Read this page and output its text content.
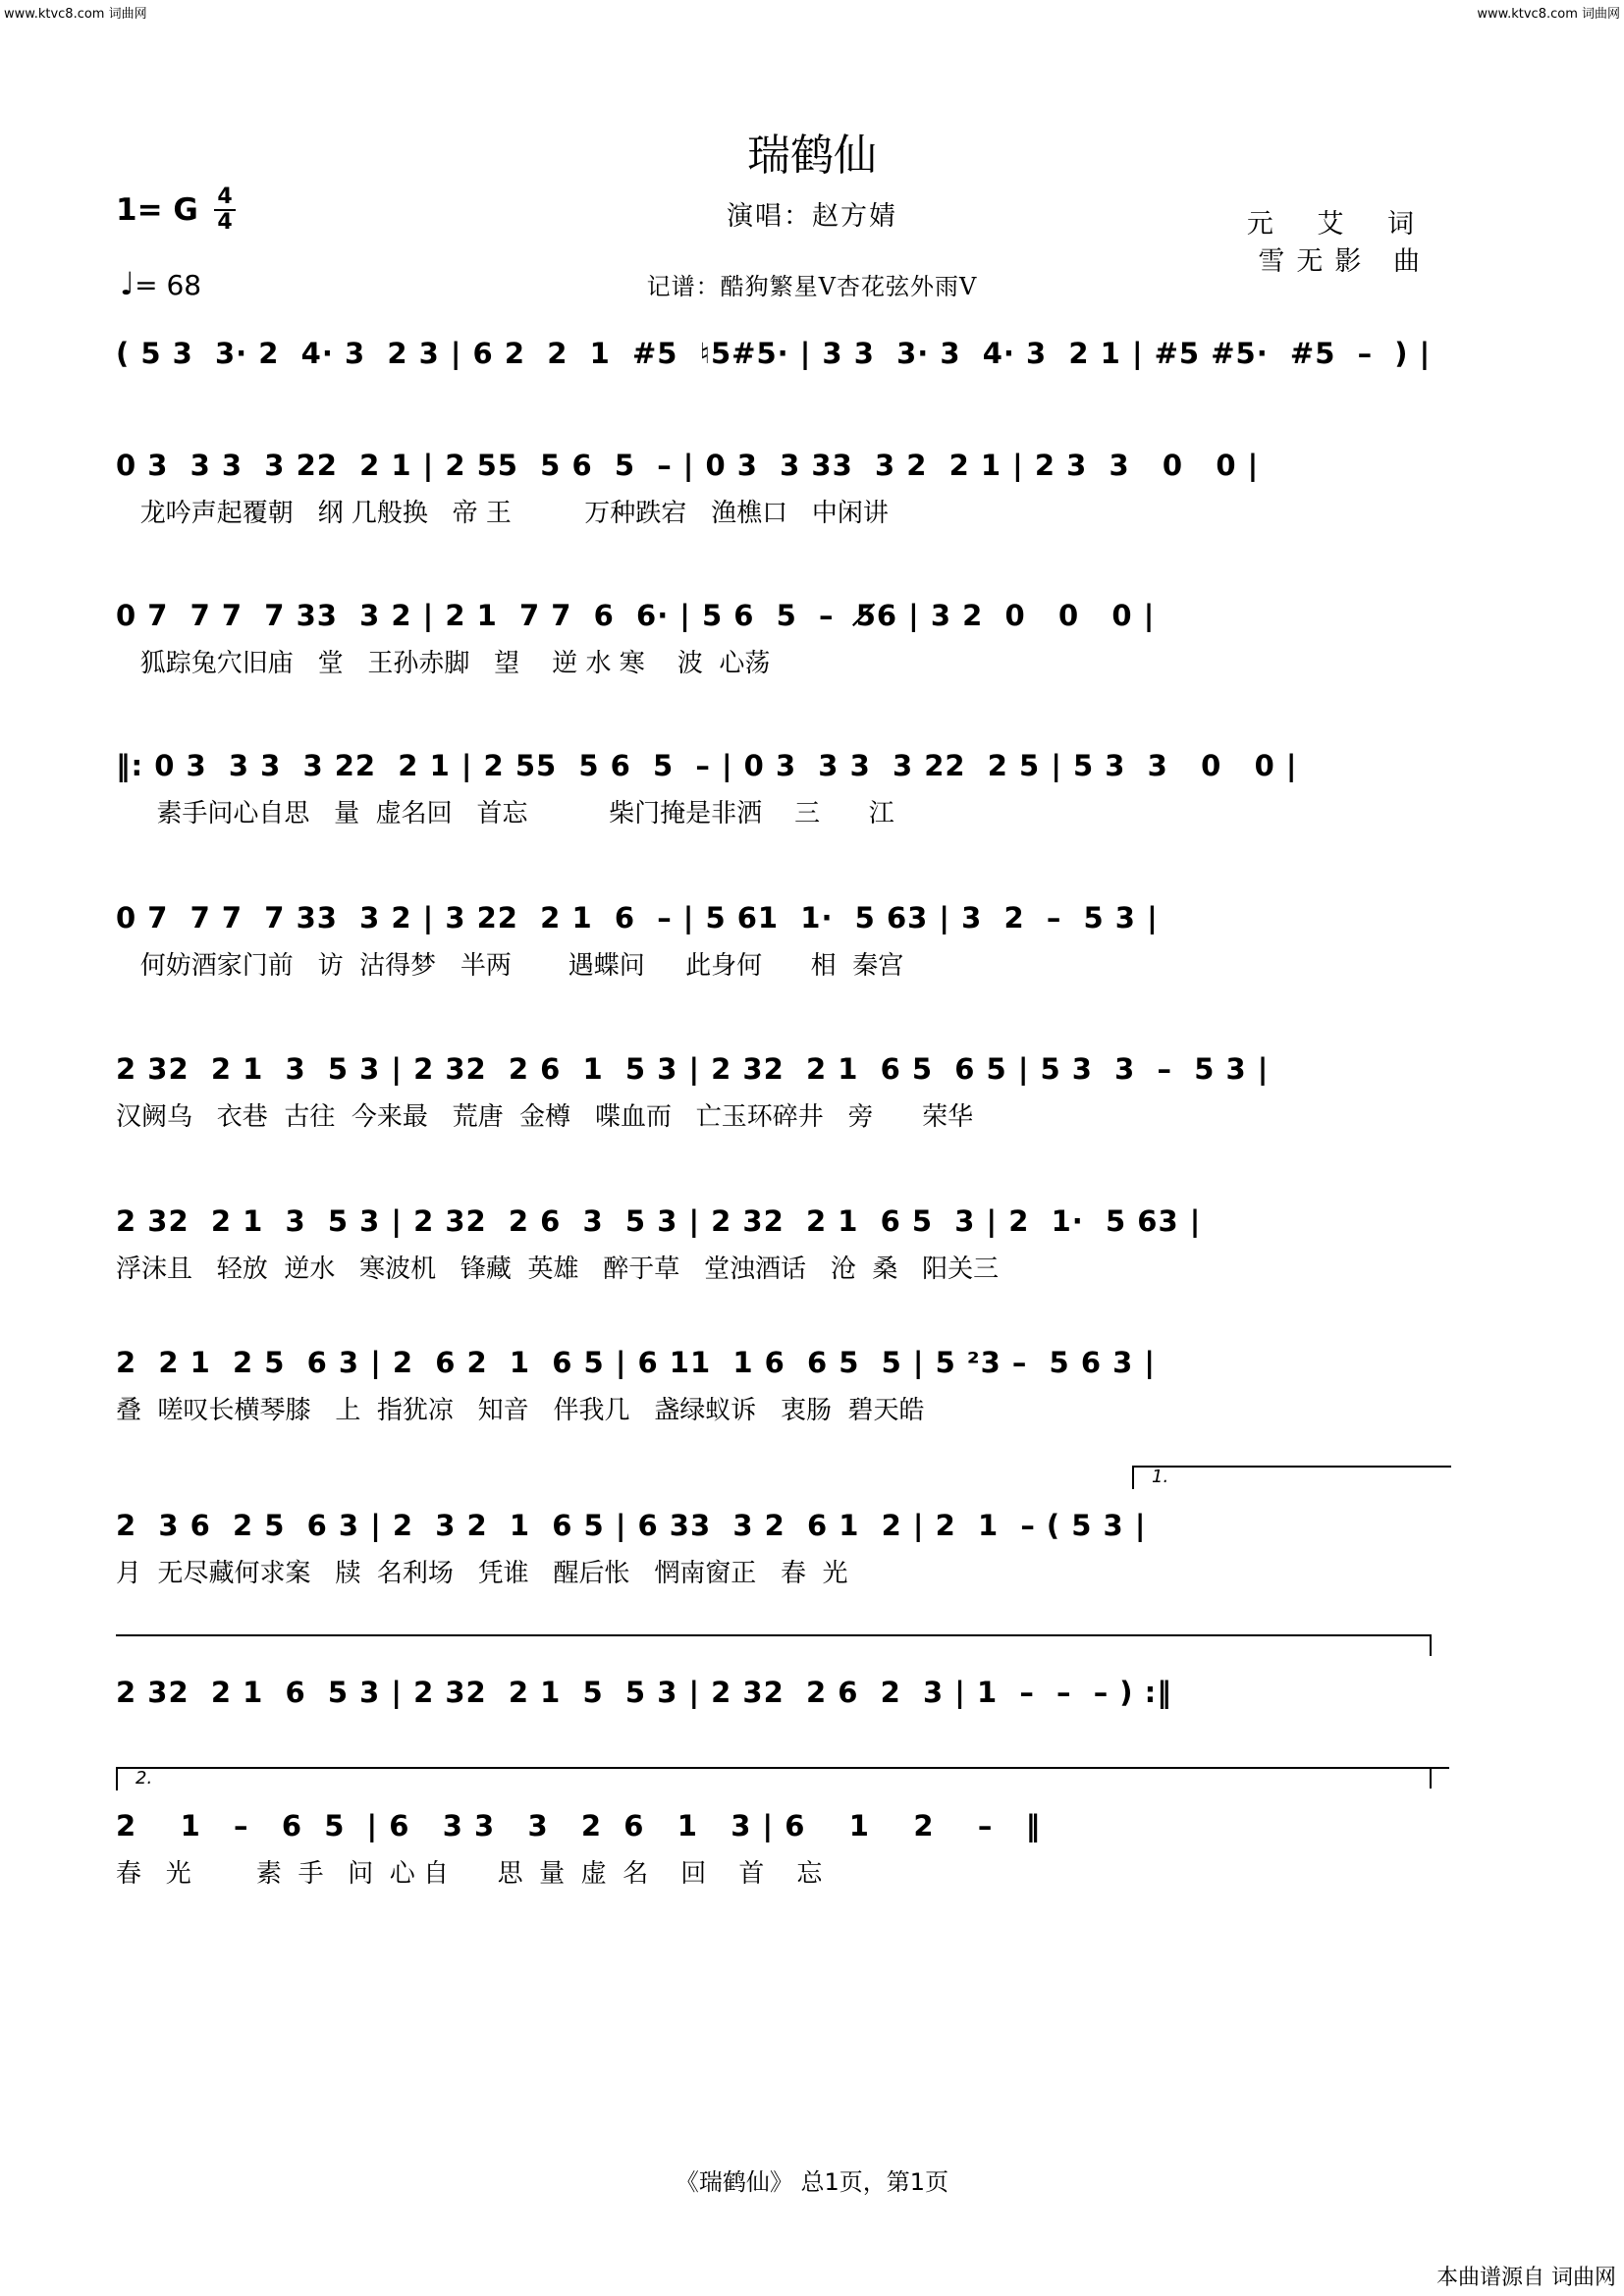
www.ktvc8.com 词曲网	www.ktvc8.com 词曲网
瑞鹤仙
演唱：赵方婧
记谱：酷狗繁星V杏花弦外雨V
1= G 4
4
♩= 68
元 艾 词
雪无影 曲
( 5 3  3· 2  4· 3  2 3 | 6 2  2  1  #5  ♮5#5· | 3 3  3· 3  4· 3  2 1 | #5 #5·  #5  –  ) |
0 3  3 3  3 22  2 1 | 2 55  5 6  5  – | 0 3  3 33  3 2  2 1 | 2 3  3   0   0 |
龙吟声起覆朝   纲 几般换   帝 王         万种跌宕   渔樵口   中闲讲
0 7  7 7  7 33  3 2 | 2 1  7 7  6  6· | 5 6  5  –  5̸6 | 3 2  0   0   0 |
狐踪兔穴旧庙   堂   王孙赤脚   望    逆 水 寒    波  心荡
‖: 0 3  3 3  3 22  2 1 | 2 55  5 6  5  – | 0 3  3 3  3 22  2 5 | 5 3  3   0   0 |
素手问心自思   量  虚名回   首忘          柴门掩是非洒    三      江
0 7  7 7  7 33  3 2 | 3 22  2 1  6  – | 5 61  1·  5 63 | 3  2  –  5 3 |
何妨酒家门前   访  沽得梦   半两       遇蝶问     此身何      相  秦宫
2 32  2 1  3  5 3 | 2 32  2 6  1  5 3 | 2 32  2 1  6 5  6 5 | 5 3  3  –  5 3 |
汉阙乌   衣巷  古往  今来最   荒唐  金樽   喋血而   亡玉环碎井   旁      荣华
2 32  2 1  3  5 3 | 2 32  2 6  3  5 3 | 2 32  2 1  6 5  3 | 2  1·  5 63 |
浮沫且   轻放  逆水   寒波机   锋藏  英雄   醉于草   堂浊酒话   沧  桑   阳关三
2  2 1  2 5  6 3 | 2  6 2  1  6 5 | 6 11  1 6  6 5  5 | 5 ²3 –  5 6 3 |
叠  嗟叹长横琴膝   上  指犹凉   知音   伴我几   盏绿蚁诉   衷肠  碧天皓
1.
2  3 6  2 5  6 3 | 2  3 2  1  6 5 | 6 33  3 2  6 1  2 | 2  1  – ( 5 3 |
月  无尽藏何求案   牍  名利场   凭谁   醒后怅   惘南窗正   春  光
2 32  2 1  6  5 3 | 2 32  2 1  5  5 3 | 2 32  2 6  2  3 | 1  –  –  – ) :‖
2.
2    1   –   6  5  | 6   3 3   3   2  6   1   3 | 6    1    2    –   ‖
春   光        素  手   问  心 自      思  量  虚  名    回    首    忘
《瑞鹤仙》 总1页，第1页
本曲谱源自 词曲网
